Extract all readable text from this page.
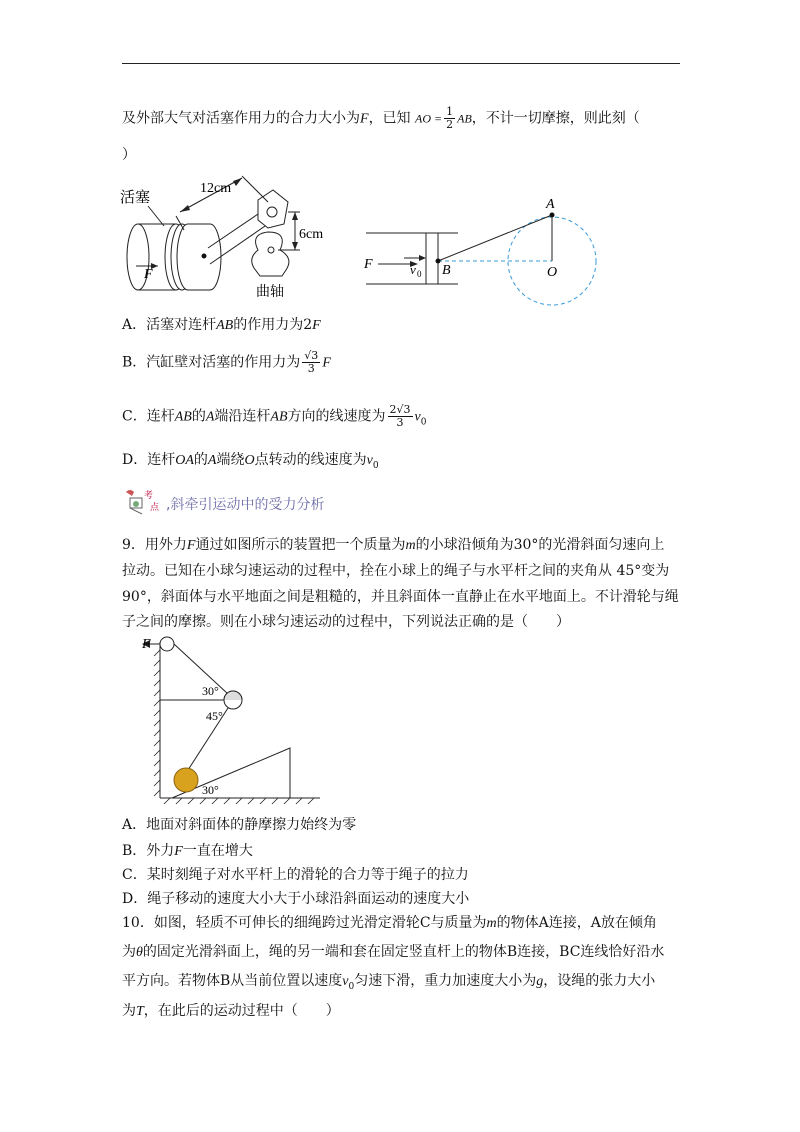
及外部大气对活塞作用力的合力大小为F，已知 AO = $\frac{1}{2}$ AB，不计一切摩擦，则此刻（
）
活塞
12cm
6cm
曲轴
F
F	v 0 B
A
O
A．活塞对连杆AB的作用力为2F
B．汽缸壁对活塞的作用力为 $\frac{√3}{3}$ F
C．连杆AB的A端沿连杆AB方向的线速度为 $\frac{2√3}{3} v_0$
D．连杆OA的A端绕O点转动的线速度为$v_0$
考
点 ,斜牵引运动中的受力分析
9．用外力F通过如图所示的装置把一个质量为m的小球沿倾角为30°的光滑斜面匀速向上
拉动。已知在小球匀速运动的过程中，拴在小球上的绳子与水平杆之间的夹角从 45°变为
90°，斜面体与水平地面之间是粗糙的，并且斜面体一直静止在水平地面上。不计滑轮与绳
子之间的摩擦。则在小球匀速运动的过程中，下列说法正确的是（　　）
F
30°
45°
30°
A．地面对斜面体的静摩擦力始终为零
B．外力F一直在增大
C．某时刻绳子对水平杆上的滑轮的合力等于绳子的拉力
D．绳子移动的速度大小大于小球沿斜面运动的速度大小
10．如图，轻质不可伸长的细绳跨过光滑定滑轮C与质量为m的物体A连接，A放在倾角
为θ的固定光滑斜面上，绳的另一端和套在固定竖直杆上的物体B连接，BC连线恰好沿水
平方向。若物体B从当前位置以速度$v_0$匀速下滑，重力加速度大小为g，设绳的张力大小
为T，在此后的运动过程中（　　）
